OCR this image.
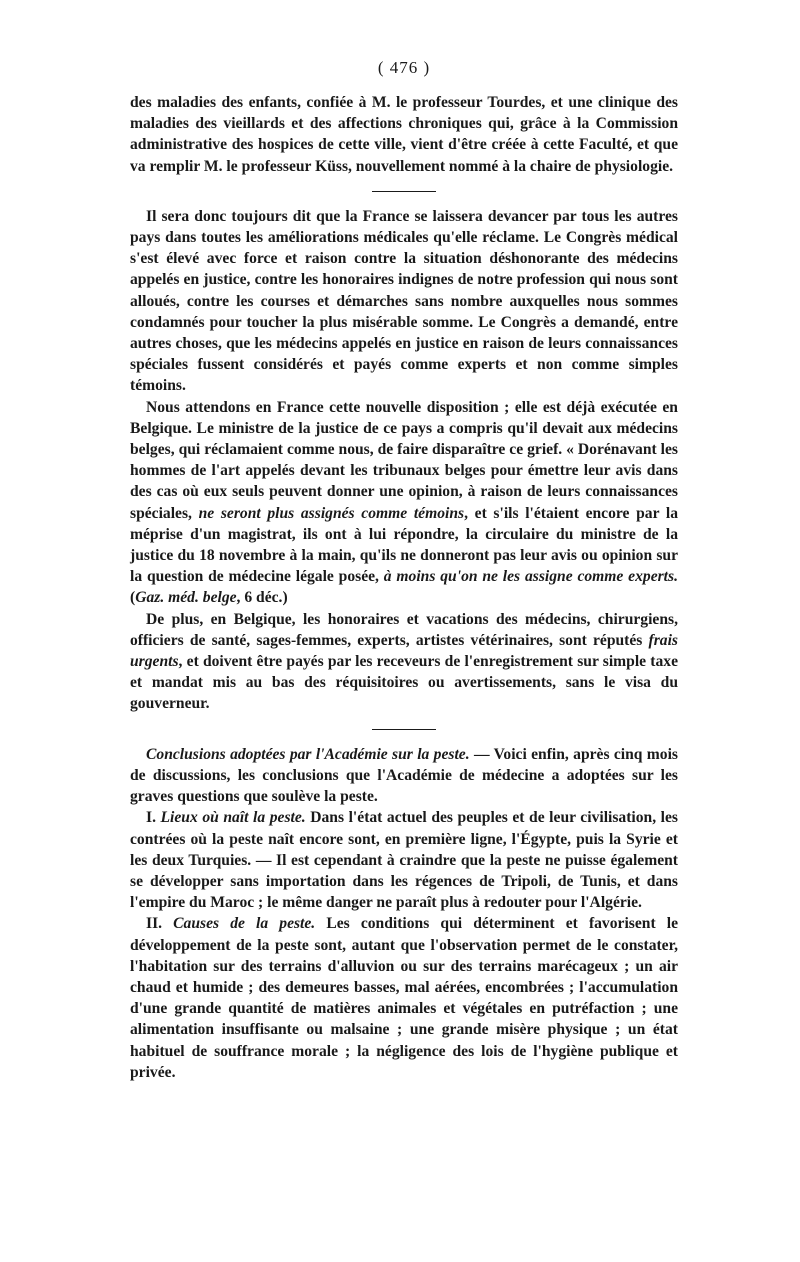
( 476 )

des maladies des enfants, confiée à M. le professeur Tourdes, et une clinique des maladies des vieillards et des affections chroniques qui, grâce à la Commission administrative des hospices de cette ville, vient d'être créée à cette Faculté, et que va remplir M. le professeur Küss, nouvellement nommé à la chaire de physiologie.

Il sera donc toujours dit que la France se laissera devancer par tous les autres pays dans toutes les améliorations médicales qu'elle réclame. Le Congrès médical s'est élevé avec force et raison contre la situation déshonorante des médecins appelés en justice, contre les honoraires indignes de notre profession qui nous sont alloués, contre les courses et démarches sans nombre auxquelles nous sommes condamnés pour toucher la plus misérable somme. Le Congrès a demandé, entre autres choses, que les médecins appelés en justice en raison de leurs connaissances spéciales fussent considérés et payés comme experts et non comme simples témoins.

Nous attendons en France cette nouvelle disposition ; elle est déjà exécutée en Belgique. Le ministre de la justice de ce pays a compris qu'il devait aux médecins belges, qui réclamaient comme nous, de faire disparaître ce grief. « Dorénavant les hommes de l'art appelés devant les tribunaux belges pour émettre leur avis dans des cas où eux seuls peuvent donner une opinion, à raison de leurs connaissances spéciales, ne seront plus assignés comme témoins, et s'ils l'étaient encore par la méprise d'un magistrat, ils ont à lui répondre, la circulaire du ministre de la justice du 18 novembre à la main, qu'ils ne donneront pas leur avis ou opinion sur la question de médecine légale posée, à moins qu'on ne les assigne comme experts. (Gaz. méd. belge, 6 déc.)

De plus, en Belgique, les honoraires et vacations des médecins, chirurgiens, officiers de santé, sages-femmes, experts, artistes vétérinaires, sont réputés frais urgents, et doivent être payés par les receveurs de l'enregistrement sur simple taxe et mandat mis au bas des réquisitoires ou avertissements, sans le visa du gouverneur.

Conclusions adoptées par l'Académie sur la peste. — Voici enfin, après cinq mois de discussions, les conclusions que l'Académie de médecine a adoptées sur les graves questions que soulève la peste.

I. Lieux où naît la peste. Dans l'état actuel des peuples et de leur civilisation, les contrées où la peste naît encore sont, en première ligne, l'Égypte, puis la Syrie et les deux Turquies. — Il est cependant à craindre que la peste ne puisse également se développer sans importation dans les régences de Tripoli, de Tunis, et dans l'empire du Maroc ; le même danger ne paraît plus à redouter pour l'Algérie.

II. Causes de la peste. Les conditions qui déterminent et favorisent le développement de la peste sont, autant que l'observation permet de le constater, l'habitation sur des terrains d'alluvion ou sur des terrains marécageux ; un air chaud et humide ; des demeures basses, mal aérées, encombrées ; l'accumulation d'une grande quantité de matières animales et végétales en putréfaction ; une alimentation insuffisante ou malsaine ; une grande misère physique ; un état habituel de souffrance morale ; la négligence des lois de l'hygiène publique et privée.
